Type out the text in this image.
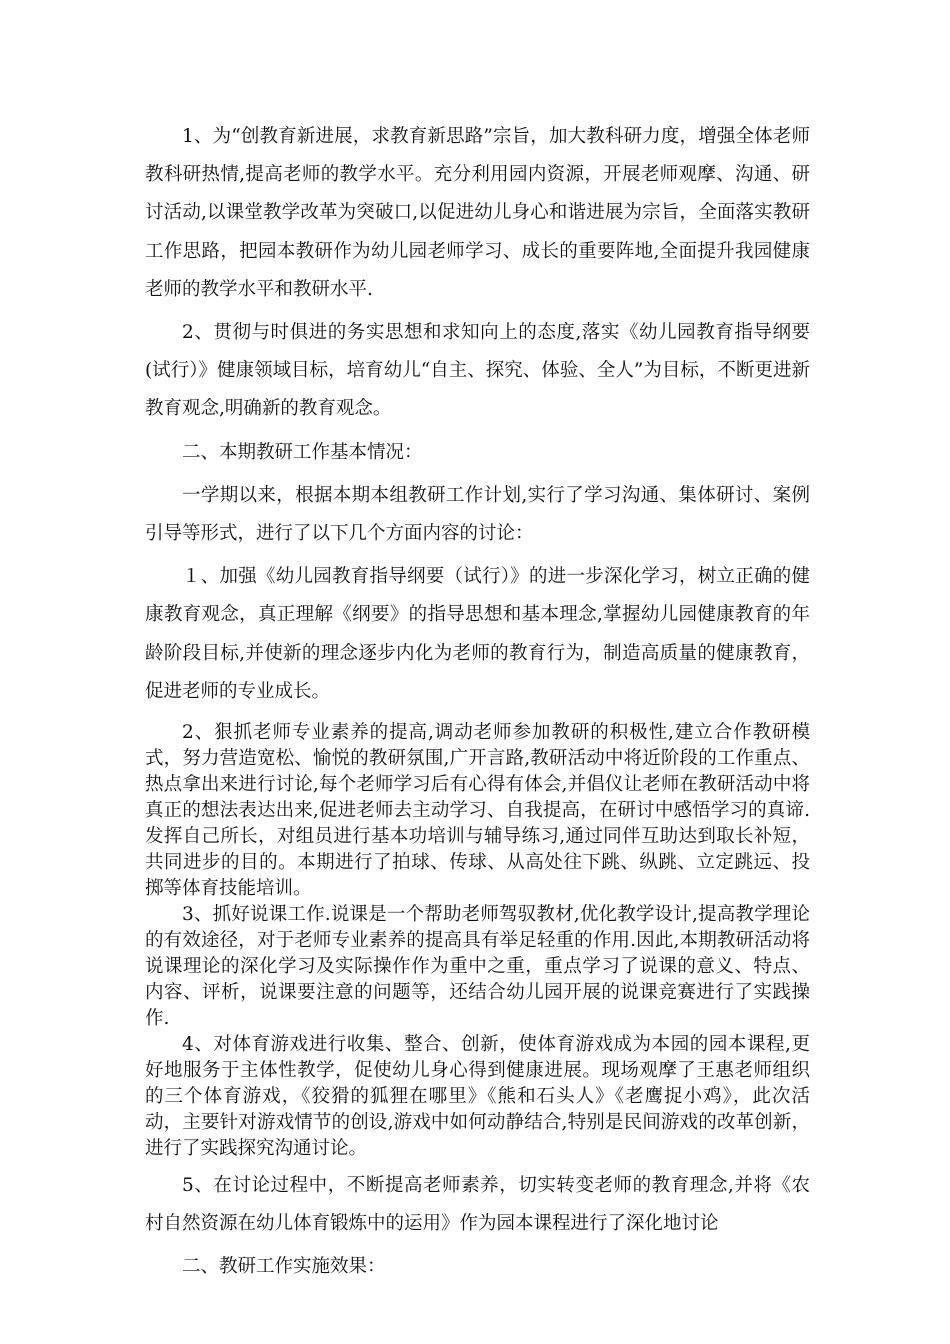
1、为“创教育新进展，求教育新思路”宗旨，加大教科研力度，增强全体老师教科研热情,提高老师的教学水平。充分利用园内资源，开展老师观摩、沟通、研讨活动,以课堂教学改革为突破口,以促进幼儿身心和谐进展为宗旨，全面落实教研工作思路，把园本教研作为幼儿园老师学习、成长的重要阵地,全面提升我园健康老师的教学水平和教研水平.

2、贯彻与时俱进的务实思想和求知向上的态度,落实《幼儿园教育指导纲要(试行）》健康领域目标，培育幼儿“自主、探究、体验、全人”为目标，不断更进新教育观念,明确新的教育观念。

二、本期教研工作基本情况：

一学期以来，根据本期本组教研工作计划,实行了学习沟通、集体研讨、案例引导等形式，进行了以下几个方面内容的讨论：

１、加强《幼儿园教育指导纲要（试行）》的进一步深化学习，树立正确的健康教育观念，真正理解《纲要》的指导思想和基本理念,掌握幼儿园健康教育的年龄阶段目标,并使新的理念逐步内化为老师的教育行为，制造高质量的健康教育，促进老师的专业成长。

2、狠抓老师专业素养的提高,调动老师参加教研的积极性,建立合作教研模式，努力营造宽松、愉悦的教研氛围,广开言路,教研活动中将近阶段的工作重点、热点拿出来进行讨论,每个老师学习后有心得有体会,并倡仪让老师在教研活动中将真正的想法表达出来,促进老师去主动学习、自我提高，在研讨中感悟学习的真谛.发挥自己所长，对组员进行基本功培训与辅导练习,通过同伴互助达到取长补短，共同进步的目的。本期进行了拍球、传球、从高处往下跳、纵跳、立定跳远、投掷等体育技能培训。

3、抓好说课工作.说课是一个帮助老师驾驭教材,优化教学设计,提高教学理论的有效途径，对于老师专业素养的提高具有举足轻重的作用.因此,本期教研活动将说课理论的深化学习及实际操作作为重中之重，重点学习了说课的意义、特点、内容、评析，说课要注意的问题等，还结合幼儿园开展的说课竞赛进行了实践操作.

4、对体育游戏进行收集、整合、创新，使体育游戏成为本园的园本课程,更好地服务于主体性教学，促使幼儿身心得到健康进展。现场观摩了王惠老师组织的三个体育游戏，《狡猾的狐狸在哪里》《熊和石头人》《老鹰捉小鸡》，此次活动，主要针对游戏情节的创设,游戏中如何动静结合,特别是民间游戏的改革创新，进行了实践探究沟通讨论。

5、在讨论过程中，不断提高老师素养，切实转变老师的教育理念,并将《农村自然资源在幼儿体育锻炼中的运用》作为园本课程进行了深化地讨论

二、教研工作实施效果：
